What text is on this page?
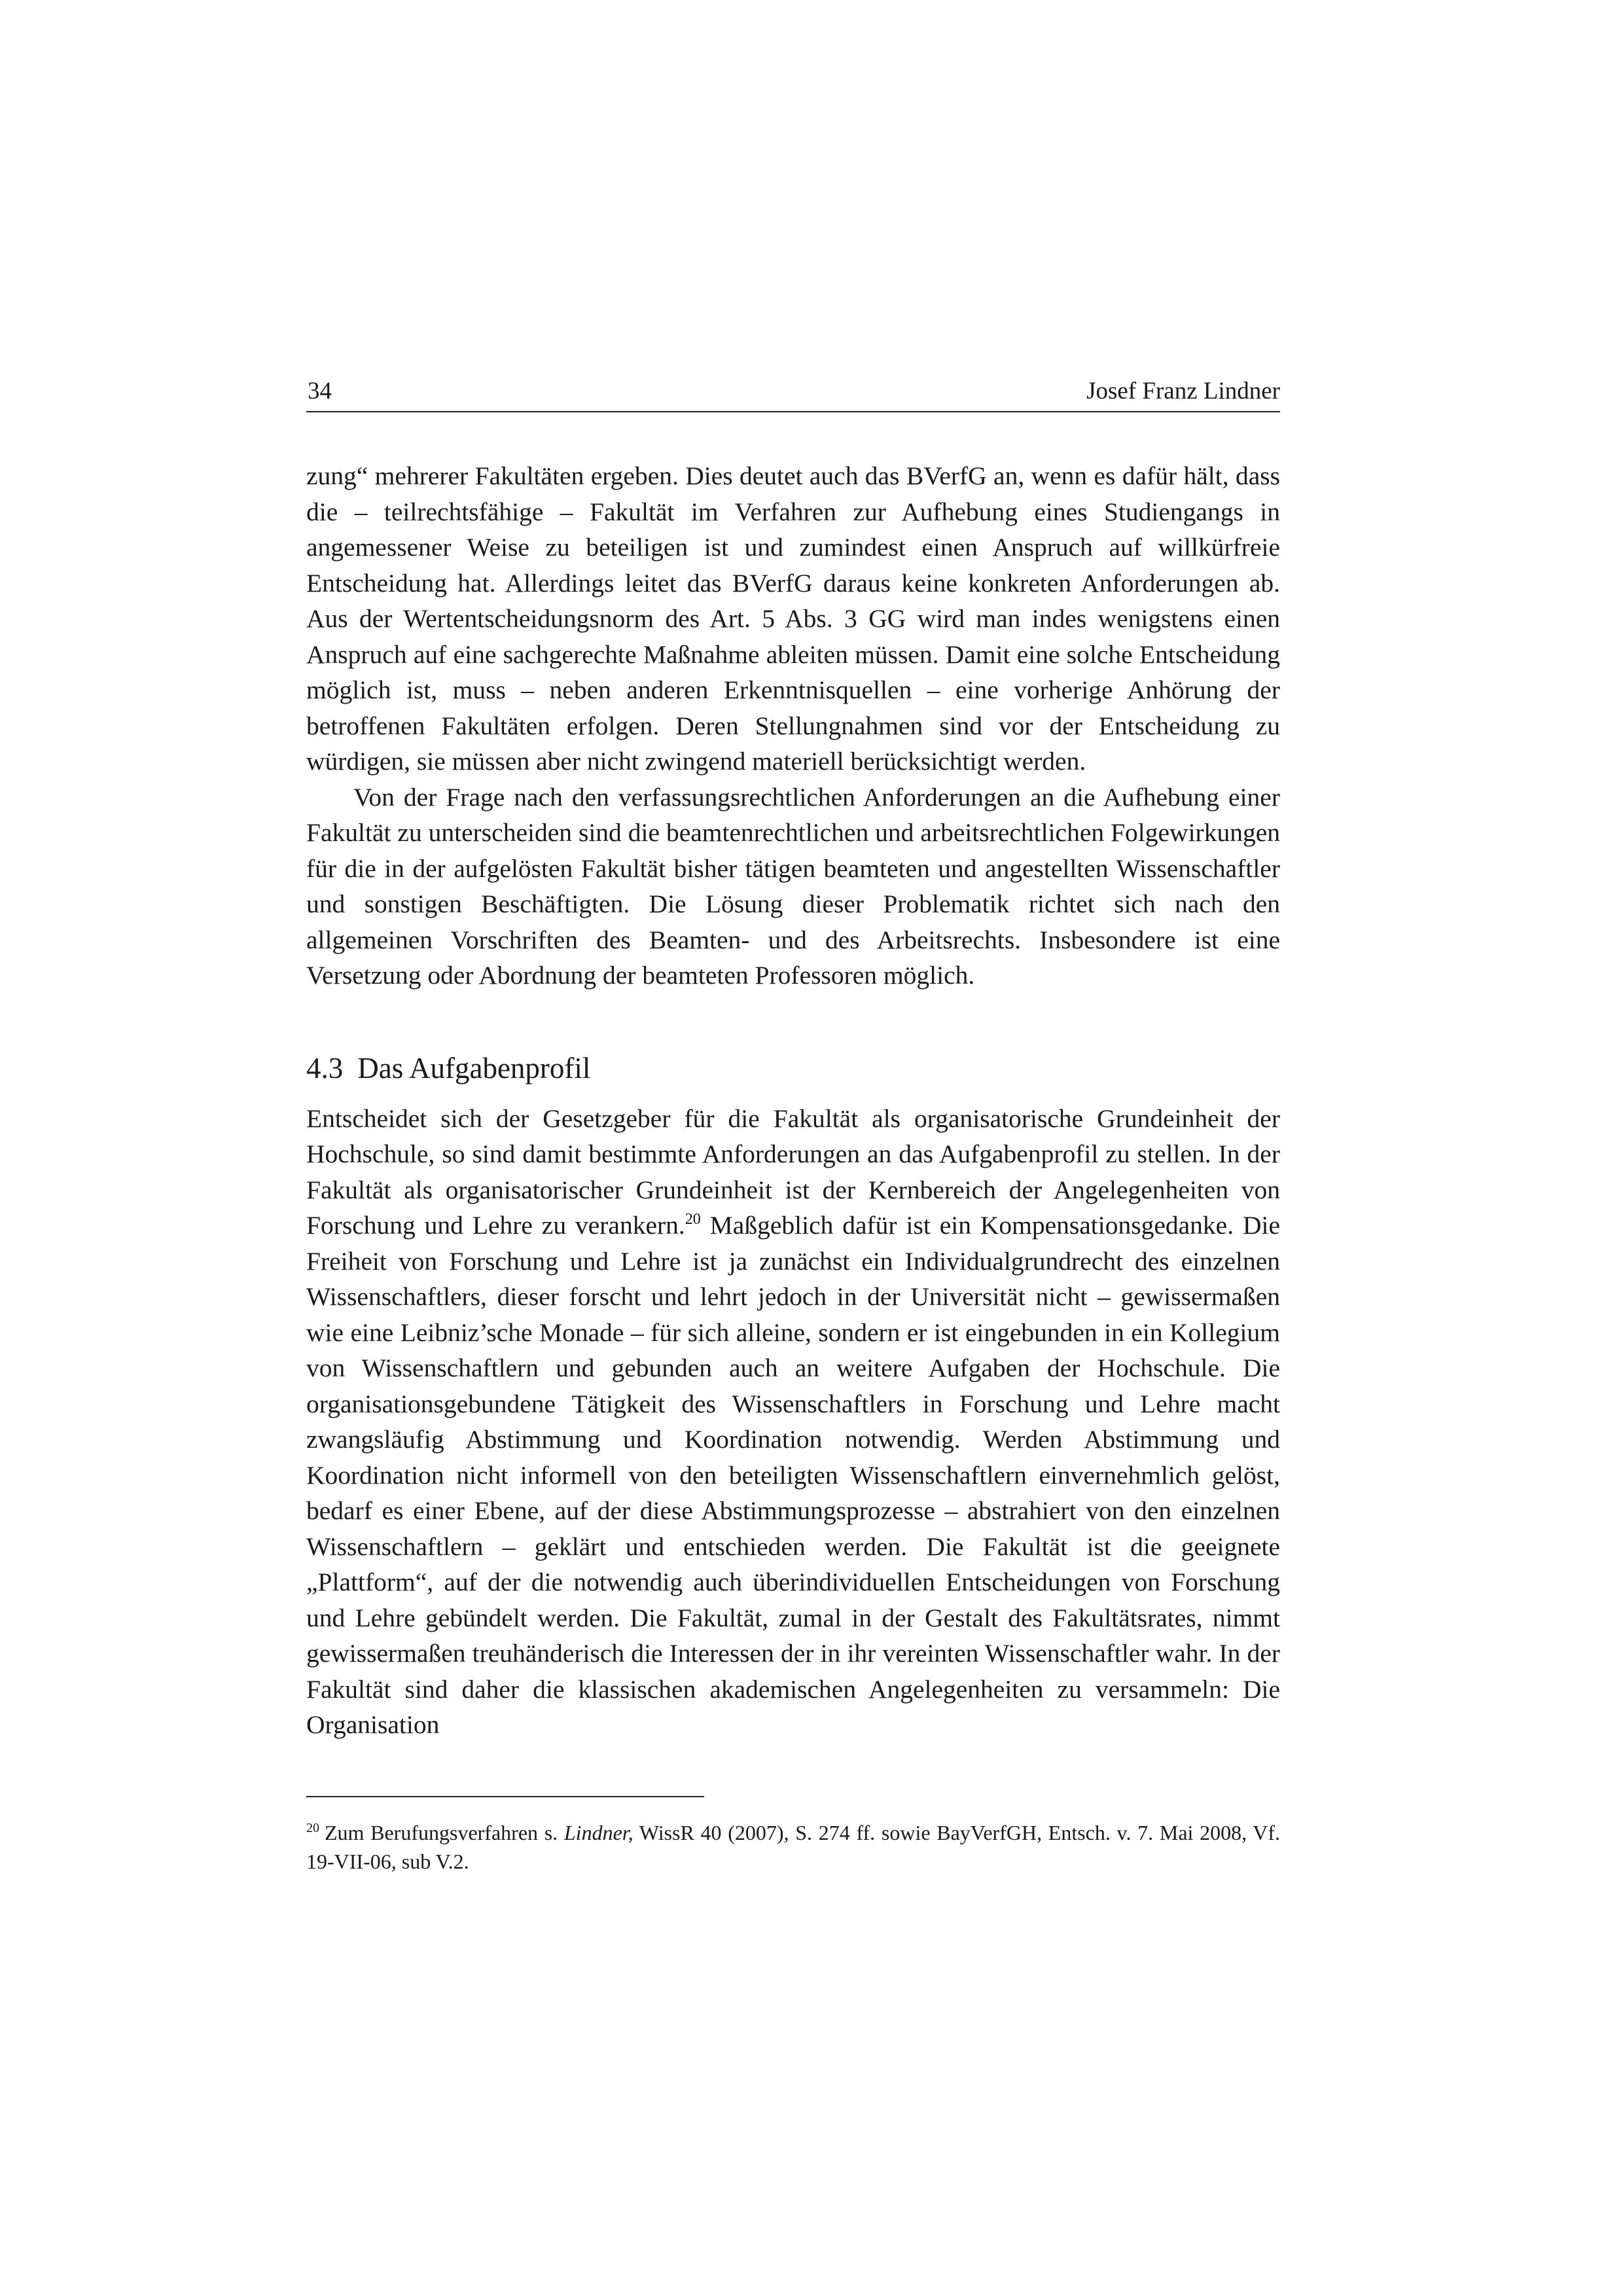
34	Josef Franz Lindner

zung“ mehrerer Fakultäten ergeben. Dies deutet auch das BVerfG an, wenn es dafür hält, dass die – teilrechtsfähige – Fakultät im Verfahren zur Aufhebung eines Studiengangs in angemessener Weise zu beteiligen ist und zumindest einen Anspruch auf willkürfreie Entscheidung hat. Allerdings leitet das BVerfG daraus keine konkreten Anforderungen ab. Aus der Wertentscheidungsnorm des Art. 5 Abs. 3 GG wird man indes wenigstens einen Anspruch auf eine sachgerechte Maßnahme ableiten müssen. Damit eine solche Entscheidung möglich ist, muss – neben anderen Erkenntnisquellen – eine vorherige Anhörung der betroffenen Fakultäten erfolgen. Deren Stellungnahmen sind vor der Entscheidung zu würdigen, sie müssen aber nicht zwingend materiell berücksichtigt werden.

Von der Frage nach den verfassungsrechtlichen Anforderungen an die Aufhebung einer Fakultät zu unterscheiden sind die beamtenrechtlichen und arbeitsrechtlichen Folgewirkungen für die in der aufgelösten Fakultät bisher tätigen beamteten und angestellten Wissenschaftler und sonstigen Beschäftigten. Die Lösung dieser Problematik richtet sich nach den allgemeinen Vorschriften des Beamten- und des Arbeitsrechts. Insbesondere ist eine Versetzung oder Abordnung der beamteten Professoren möglich.

4.3 Das Aufgabenprofil

Entscheidet sich der Gesetzgeber für die Fakultät als organisatorische Grundeinheit der Hochschule, so sind damit bestimmte Anforderungen an das Aufgabenprofil zu stellen. In der Fakultät als organisatorischer Grundeinheit ist der Kernbereich der Angelegenheiten von Forschung und Lehre zu verankern.$^{20}$ Maßgeblich dafür ist ein Kompensationsgedanke. Die Freiheit von Forschung und Lehre ist ja zunächst ein Individualgrundrecht des einzelnen Wissenschaftlers, dieser forscht und lehrt jedoch in der Universität nicht – gewissermaßen wie eine Leibniz’sche Monade – für sich alleine, sondern er ist eingebunden in ein Kollegium von Wissenschaftlern und gebunden auch an weitere Aufgaben der Hochschule. Die organisationsgebundene Tätigkeit des Wissenschaftlers in Forschung und Lehre macht zwangsläufig Abstimmung und Koordination notwendig. Werden Abstimmung und Koordination nicht informell von den beteiligten Wissenschaftlern einvernehmlich gelöst, bedarf es einer Ebene, auf der diese Abstimmungsprozesse – abstrahiert von den einzelnen Wissenschaftlern – geklärt und entschieden werden. Die Fakultät ist die geeignete „Plattform“, auf der die notwendig auch überindividuellen Entscheidungen von Forschung und Lehre gebündelt werden. Die Fakultät, zumal in der Gestalt des Fakultätsrates, nimmt gewissermaßen treuhänderisch die Interessen der in ihr vereinten Wissenschaftler wahr. In der Fakultät sind daher die klassischen akademischen Angelegenheiten zu versammeln: Die Organisation

$^{20}$ Zum Berufungsverfahren s. Lindner, WissR 40 (2007), S. 274 ff. sowie BayVerfGH, Entsch. v. 7. Mai 2008, Vf. 19-VII-06, sub V.2.
